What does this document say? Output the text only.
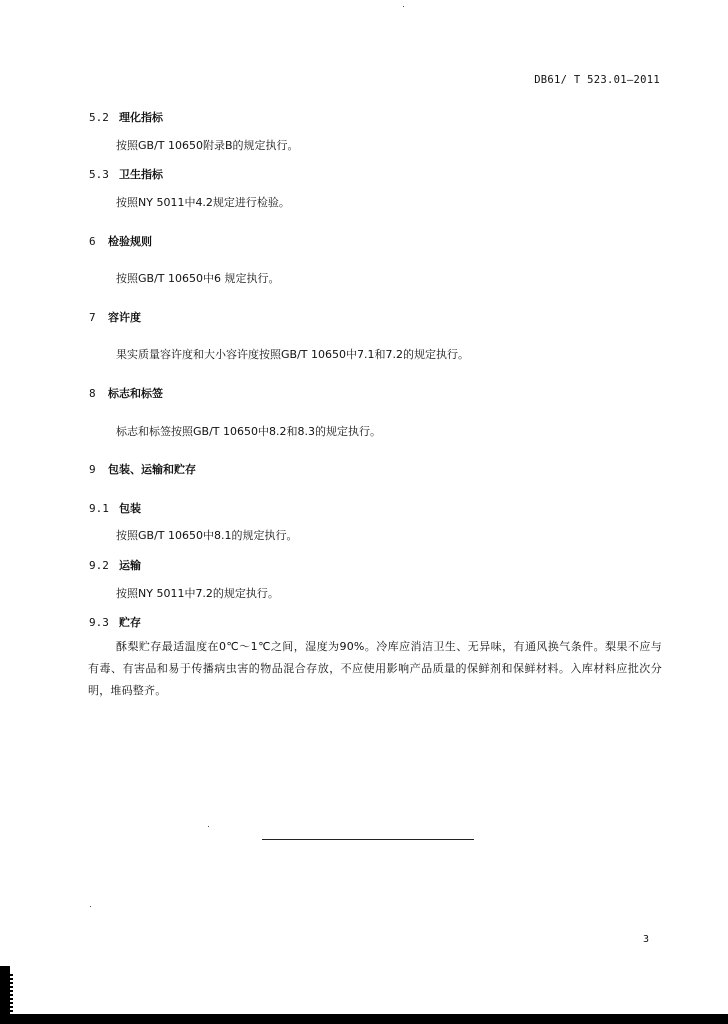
DB61/ T 523.01—2011
5.2 理化指标
按照GB/T 10650附录B的规定执行。
5.3 卫生指标
按照NY 5011中4.2规定进行检验。
6 检验规则
按照GB/T 10650中6 规定执行。
7 容许度
果实质量容许度和大小容许度按照GB/T 10650中7.1和7.2的规定执行。
8 标志和标签
标志和标签按照GB/T 10650中8.2和8.3的规定执行。
9 包装、运输和贮存
9.1 包装
按照GB/T 10650中8.1的规定执行。
9.2 运输
按照NY 5011中7.2的规定执行。
9.3 贮存
酥梨贮存最适温度在0℃～1℃之间，湿度为90%。冷库应消洁卫生、无异味，有通风换气条件。梨果不应与有毒、有害品和易于传播病虫害的物品混合存放，不应使用影响产品质量的保鲜剂和保鲜材料。入库材料应批次分明，堆码整齐。
3
